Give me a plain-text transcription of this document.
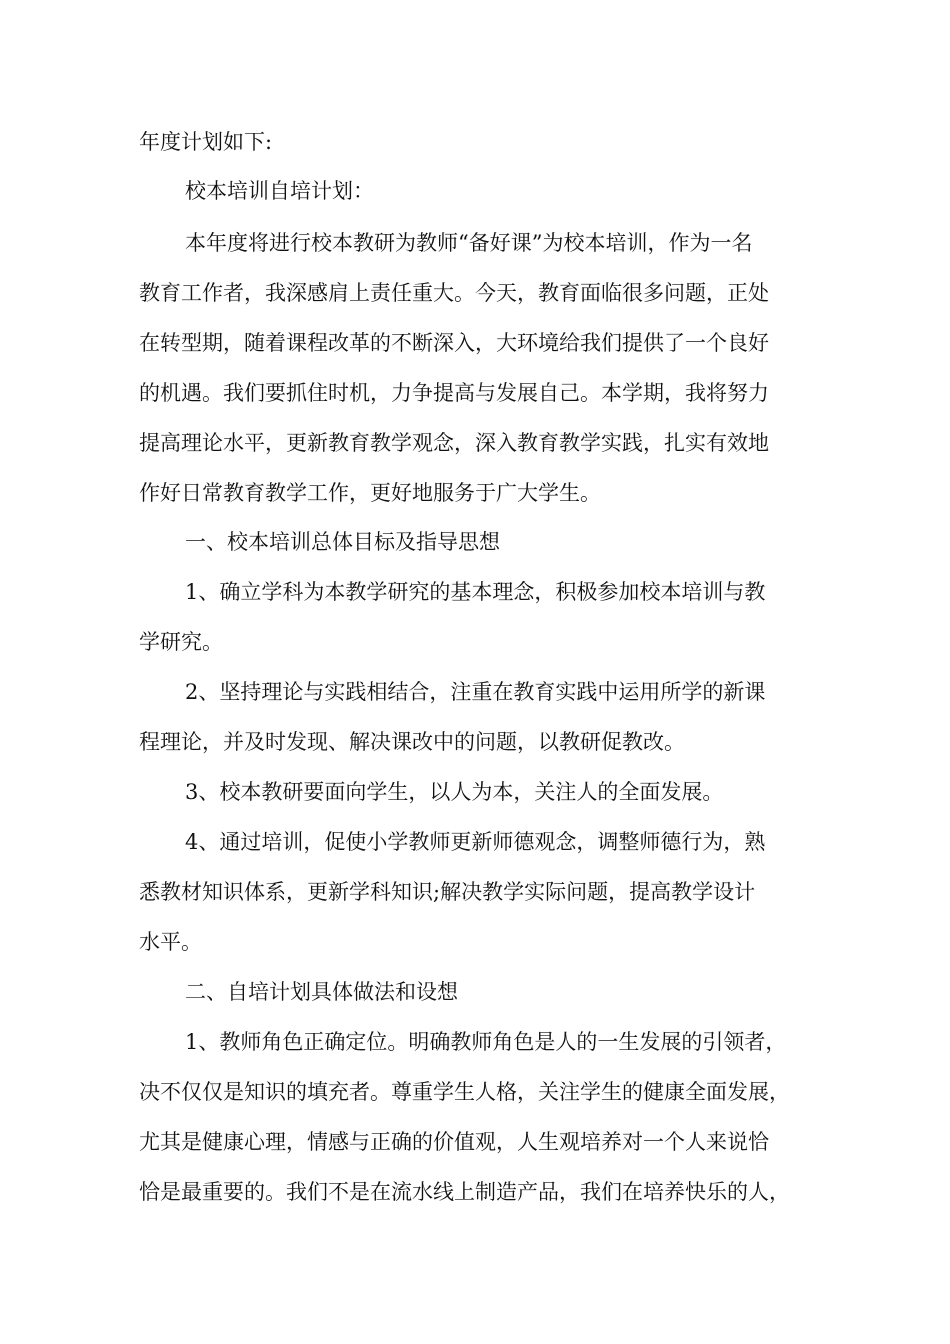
年度计划如下:
校本培训自培计划：
本年度将进行校本教研为教师“备好课”为校本培训，作为一名
教育工作者，我深感肩上责任重大。今天，教育面临很多问题，正处
在转型期，随着课程改革的不断深入，大环境给我们提供了一个良好
的机遇。我们要抓住时机，力争提高与发展自己。本学期，我将努力
提高理论水平，更新教育教学观念，深入教育教学实践，扎实有效地
作好日常教育教学工作，更好地服务于广大学生。
一、校本培训总体目标及指导思想
1、确立学科为本教学研究的基本理念，积极参加校本培训与教
学研究。
2、坚持理论与实践相结合，注重在教育实践中运用所学的新课
程理论，并及时发现、解决课改中的问题，以教研促教改。
3、校本教研要面向学生，以人为本，关注人的全面发展。
4、通过培训，促使小学教师更新师德观念，调整师德行为，熟
悉教材知识体系，更新学科知识;解决教学实际问题，提高教学设计
水平。
二、自培计划具体做法和设想
1、教师角色正确定位。明确教师角色是人的一生发展的引领者，
决不仅仅是知识的填充者。尊重学生人格，关注学生的健康全面发展，
尤其是健康心理，情感与正确的价值观，人生观培养对一个人来说恰
恰是最重要的。我们不是在流水线上制造产品，我们在培养快乐的人，
